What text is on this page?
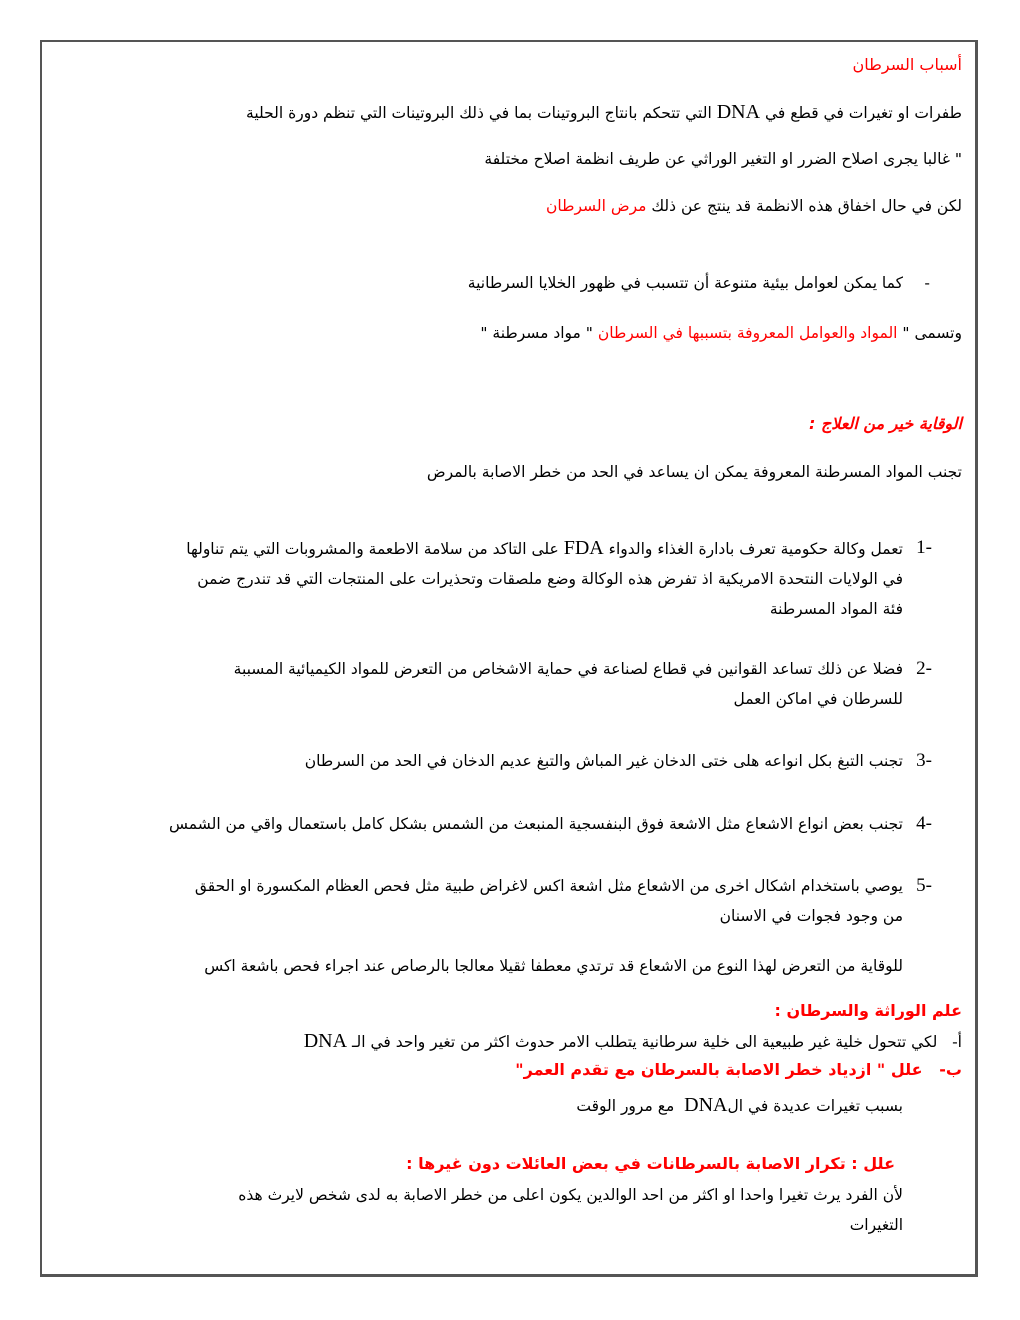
أسباب السرطان

طفرات او تغيرات في قطع في DNA التي تتحكم بانتاج البروتينات بما في ذلك البروتينات التي تنظم دورة الحلية

" غالبا يجرى اصلاح الضرر او التغير الوراثي عن طريف انظمة اصلاح مختلفة

لكن في حال اخفاق هذه الانظمة قد ينتج عن ذلك مرض السرطان

-

كما يمكن لعوامل بيئية متنوعة أن تتسبب في ظهور الخلايا السرطانية

وتسمى " المواد والعوامل المعروفة بتسببها في السرطان " مواد مسرطنة "

الوقاية خير من العلاج :

تجنب المواد المسرطنة المعروفة يمكن ان يساعد في الحد من خطر الاصابة بالمرض

1-
تعمل وكالة حكومية تعرف بادارة الغذاء والدواء FDA على التاكد من سلامة الاطعمة والمشروبات التي يتم تناولها
في الولايات النتحدة الامريكية اذ تفرض هذه الوكالة وضع ملصقات وتحذيرات على المنتجات التي قد تندرج ضمن
فئة المواد المسرطنة
2-
فضلا عن ذلك تساعد القوانين في قطاع لصناعة في حماية الاشخاص من التعرض للمواد الكيميائية المسببة
للسرطان في اماكن العمل
3-

تجنب التبغ بكل انواعه هلى ختى الدخان غير المباش والتبغ عديم الدخان في الحد من السرطان

4-

تجنب بعض انواع الاشعاع مثل الاشعة فوق البنفسجية المنبعث من الشمس بشكل كامل باستعمال واقي من الشمس

5-
يوصي باستخدام اشكال اخرى من الاشعاع مثل اشعة اكس لاغراض طبية مثل فحص العظام المكسورة او الحقق
من وجود فجوات في الاسنان

للوقاية من التعرض لهذا النوع من الاشعاع قد ترتدي معطفا ثقيلا معالجا بالرصاص عند اجراء فحص باشعة اكس

علم الوراثة والسرطان :

أ-   لكي تتحول خلية غير طبيعية الى خلية سرطانية يتطلب الامر حدوث اكثر من تغير واحد في الـ DNA

ب-   علل " ازدياد خطر الاصابة بالسرطان مع تقدم العمر"

بسبب تغيرات عديدة في الDNA  مع مرور الوقت

علل : تكرار الاصابة بالسرطانات في بعض العائلات دون غيرها :

لأن الفرد يرث تغيرا واحدا او اكثر من احد الوالدين يكون اعلى من خطر الاصابة به لدى شخص لايرث هذه
التغيرات
